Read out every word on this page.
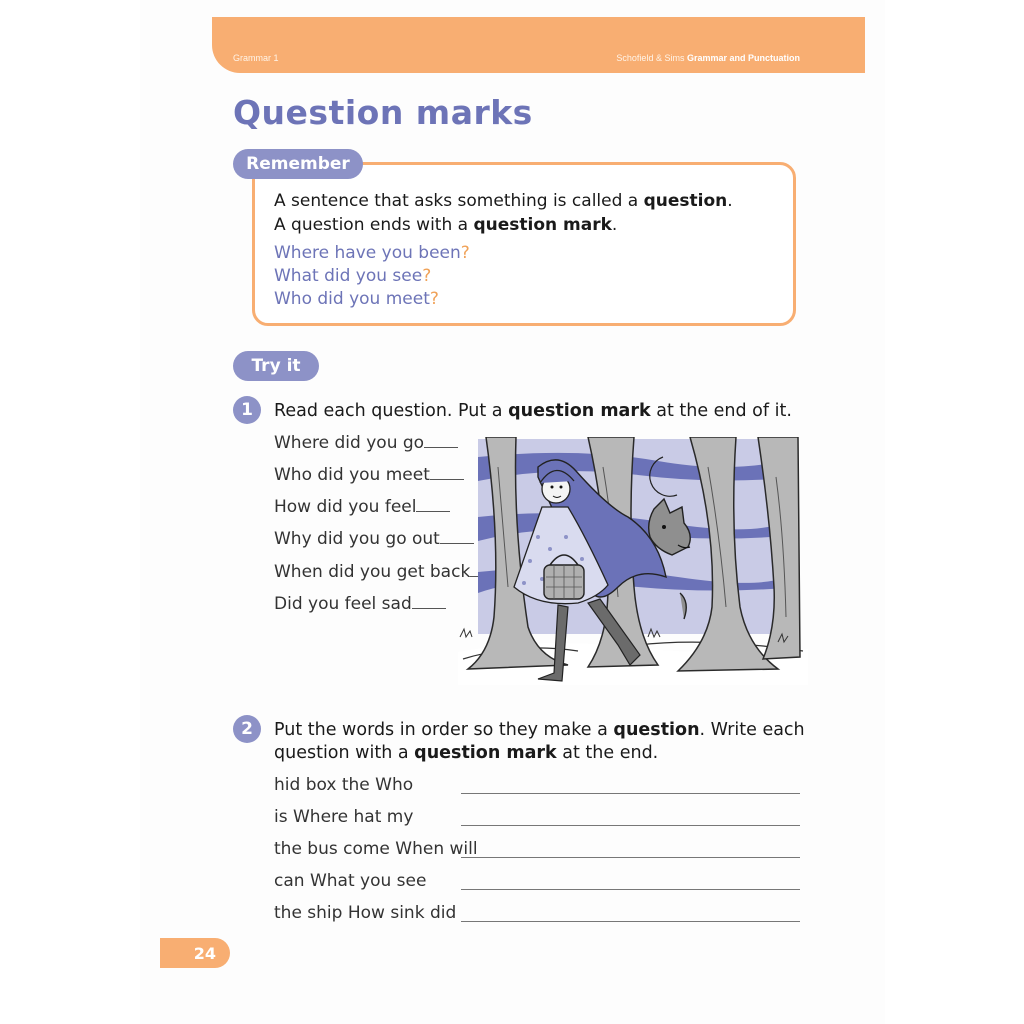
Grammar 1	Schofield & Sims Grammar and Punctuation
Question marks
Remember
A sentence that asks something is called a question.
A question ends with a question mark.
Where have you been?
What did you see?
Who did you meet?
Try it
1	Read each question. Put a question mark at the end of it.
Where did you go
Who did you meet
How did you feel
Why did you go out
When did you get back
Did you feel sad
2	Put the words in order so they make a question. Write each
question with a question mark at the end.
hid box the Who
is Where hat my
the bus come When will
can What you see
the ship How sink did
24
